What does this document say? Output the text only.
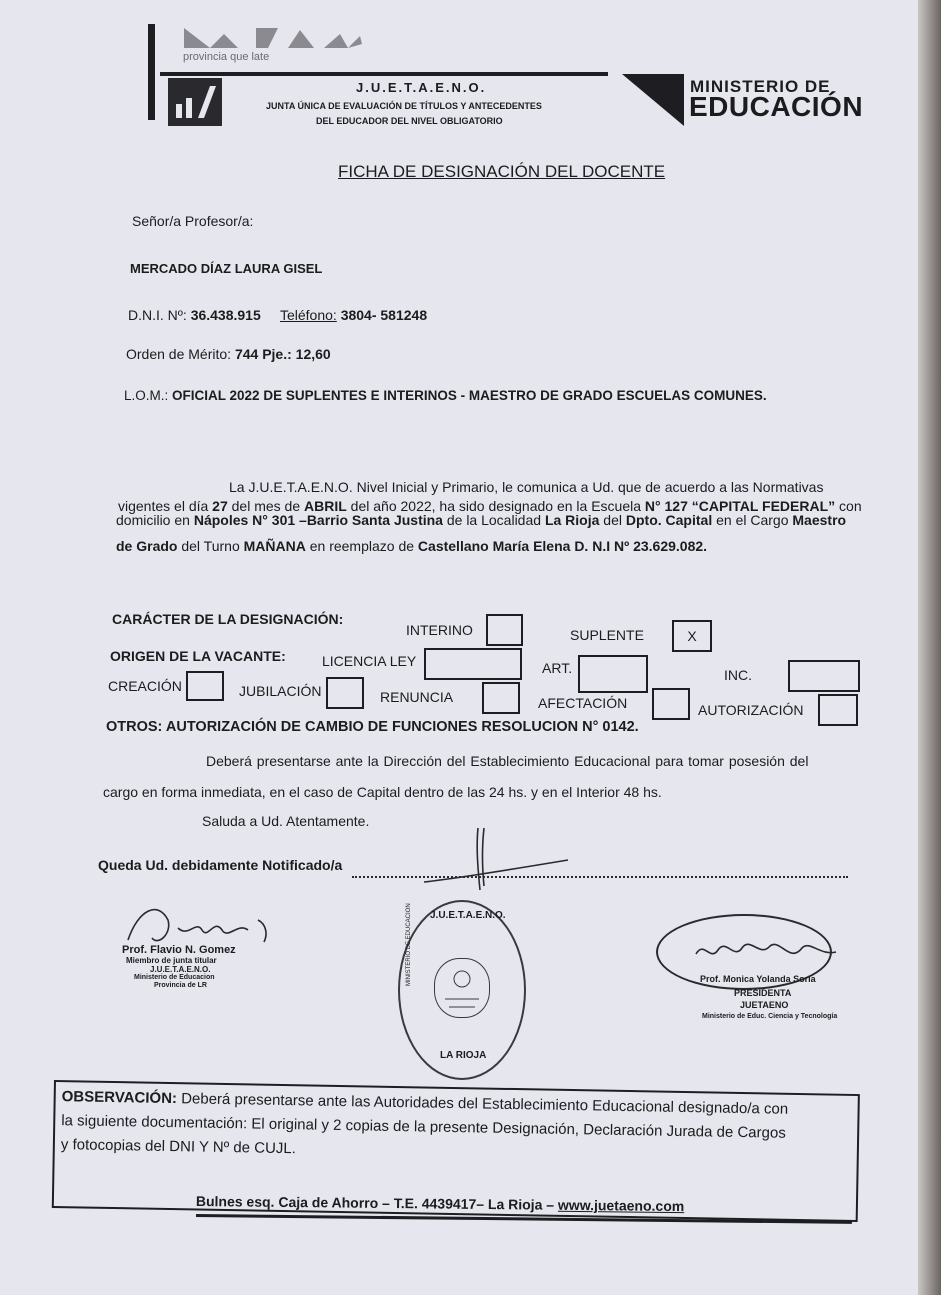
provincia que late
J.U.E.T.A.E.N.O.
JUNTA ÚNICA DE EVALUACIÓN DE TÍTULOS Y ANTECEDENTES
DEL EDUCADOR DEL NIVEL OBLIGATORIO
MINISTERIO DE
EDUCACIÓN
FICHA DE DESIGNACIÓN DEL DOCENTE
Señor/a Profesor/a:
MERCADO DÍAZ LAURA GISEL
D.N.I. Nº: 36.438.915 Teléfono: 3804- 581248
Orden de Mérito: 744 Pje.: 12,60
L.O.M.: OFICIAL 2022 DE SUPLENTES E INTERINOS - MAESTRO DE GRADO ESCUELAS COMUNES.
La J.U.E.T.A.E.N.O. Nivel Inicial y Primario, le comunica a Ud. que de acuerdo a las Normativas
vigentes el día 27 del mes de ABRIL del año 2022, ha sido designado en la Escuela N° 127 “CAPITAL FEDERAL” con
domicilio en Nápoles N° 301 –Barrio Santa Justina de la Localidad La Rioja del Dpto. Capital en el Cargo Maestro
de Grado del Turno MAÑANA en reemplazo de Castellano María Elena D. N.I Nº 23.629.082.
CARÁCTER DE LA DESIGNACIÓN:
INTERINO	SUPLENTE	X
ORIGEN DE LA VACANTE:	LICENCIA LEY	ART.	INC.
CREACIÓN	JUBILACIÓN	RENUNCIA	AFECTACIÓN	AUTORIZACIÓN
OTROS: AUTORIZACIÓN DE CAMBIO DE FUNCIONES RESOLUCION N° 0142.
Deberá presentarse ante la Dirección del Establecimiento Educacional para tomar posesión del
cargo en forma inmediata, en el caso de Capital dentro de las 24 hs. y en el Interior 48 hs.
Saluda a Ud. Atentamente.
Queda Ud. debidamente Notificado/a
Prof. Flavio N. Gomez
Miembro de junta titular
J.U.E.T.A.E.N.O.
Ministerio de Educacion
Provincia de LR
J.U.E.T.A.E.N.O.
MINISTERIO DE EDUCACION
LA RIOJA
Prof. Monica Yolanda Soria
PRESIDENTA
JUETAENO
Ministerio de Educ. Ciencia y Tecnología
OBSERVACIÓN: Deberá presentarse ante las Autoridades del Establecimiento Educacional designado/a con
la siguiente documentación: El original y 2 copias de la presente Designación, Declaración Jurada de Cargos
y fotocopias del DNI Y Nº de CUJL.
Bulnes esq. Caja de Ahorro – T.E. 4439417– La Rioja – www.juetaeno.com
